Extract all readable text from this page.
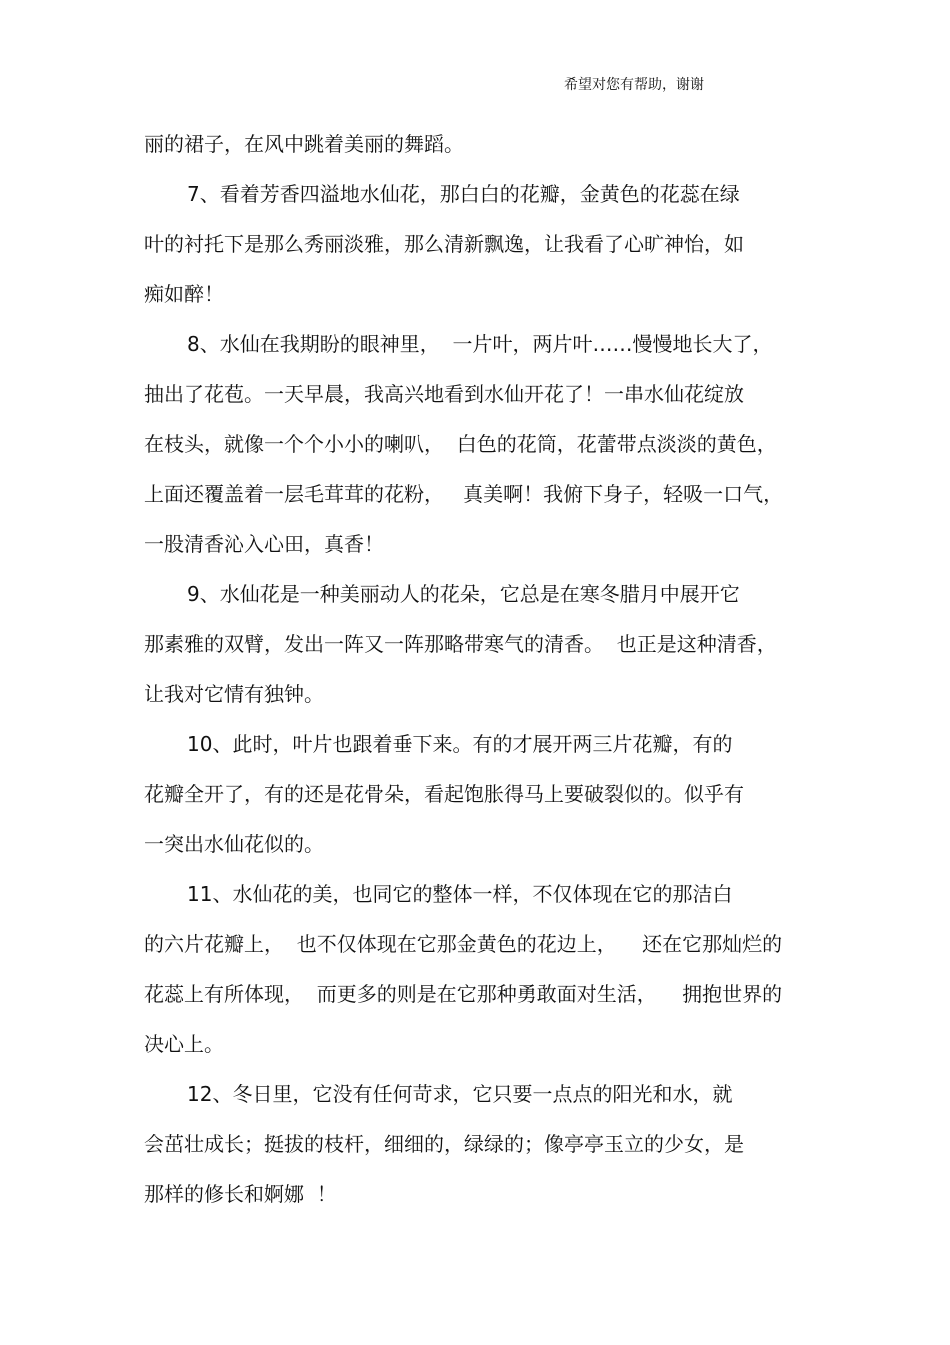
希望对您有帮助，谢谢
丽的裙子，在风中跳着美丽的舞蹈。
7、看着芳香四溢地水仙花，那白白的花瓣，金黄色的花蕊在绿
叶的衬托下是那么秀丽淡雅，那么清新飘逸，让我看了心旷神怡，如
痴如醉！
8、水仙在我期盼的眼神里，  一片叶，两片叶……慢慢地长大了，
抽出了花苞。一天早晨，我高兴地看到水仙开花了！一串水仙花绽放
在枝头，就像一个个小小的喇叭，  白色的花筒，花蕾带点淡淡的黄色，
上面还覆盖着一层毛茸茸的花粉，   真美啊！我俯下身子，轻吸一口气，
一股清香沁入心田，真香！
9、水仙花是一种美丽动人的花朵，它总是在寒冬腊月中展开它
那素雅的双臂，发出一阵又一阵那略带寒气的清香。  也正是这种清香，
让我对它情有独钟。
10、此时，叶片也跟着垂下来。有的才展开两三片花瓣，有的
花瓣全开了，有的还是花骨朵，看起饱胀得马上要破裂似的。似乎有
一突出水仙花似的。
11、水仙花的美，也同它的整体一样，不仅体现在它的那洁白
的六片花瓣上，  也不仅体现在它那金黄色的花边上，    还在它那灿烂的
花蕊上有所体现，  而更多的则是在它那种勇敢面对生活，    拥抱世界的
决心上。
12、冬日里，它没有任何苛求，它只要一点点的阳光和水，就
会茁壮成长；挺拔的枝杆，细细的，绿绿的；像亭亭玉立的少女，是
那样的修长和婀娜  ！
